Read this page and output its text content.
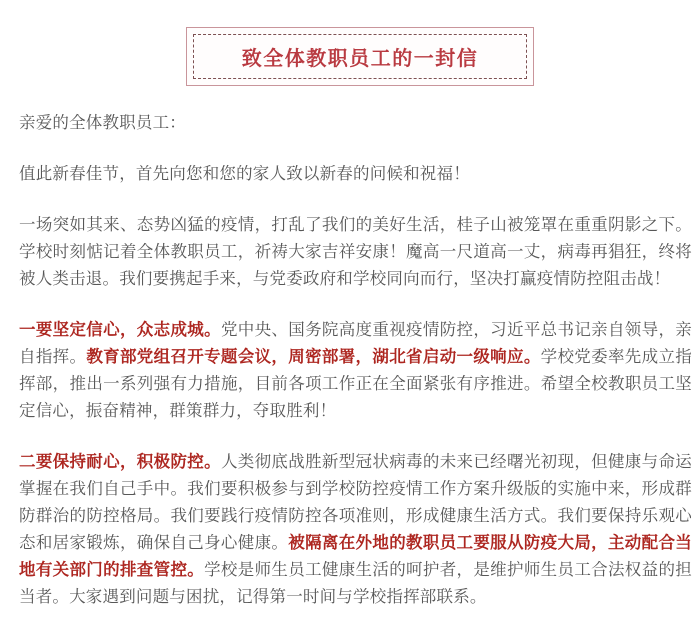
致全体教职员工的一封信

亲爱的全体教职员工：

值此新春佳节，首先向您和您的家人致以新春的问候和祝福！

一场突如其来、态势凶猛的疫情，打乱了我们的美好生活，桂子山被笼罩在重重阴影之下。学校时刻惦记着全体教职员工，祈祷大家吉祥安康！魔高一尺道高一丈，病毒再猖狂，终将被人类击退。我们要携起手来，与党委政府和学校同向而行，坚决打赢疫情防控阻击战！

一要坚定信心，众志成城。党中央、国务院高度重视疫情防控，习近平总书记亲自领导，亲自指挥。教育部党组召开专题会议，周密部署，湖北省启动一级响应。学校党委率先成立指挥部，推出一系列强有力措施，目前各项工作正在全面紧张有序推进。希望全校教职员工坚定信心，振奋精神，群策群力，夺取胜利！

二要保持耐心，积极防控。人类彻底战胜新型冠状病毒的未来已经曙光初现，但健康与命运掌握在我们自己手中。我们要积极参与到学校防控疫情工作方案升级版的实施中来，形成群防群治的防控格局。我们要践行疫情防控各项准则，形成健康生活方式。我们要保持乐观心态和居家锻炼，确保自己身心健康。被隔离在外地的教职员工要服从防疫大局，主动配合当地有关部门的排查管控。学校是师生员工健康生活的呵护者，是维护师生员工合法权益的担当者。大家遇到问题与困扰，记得第一时间与学校指挥部联系。
